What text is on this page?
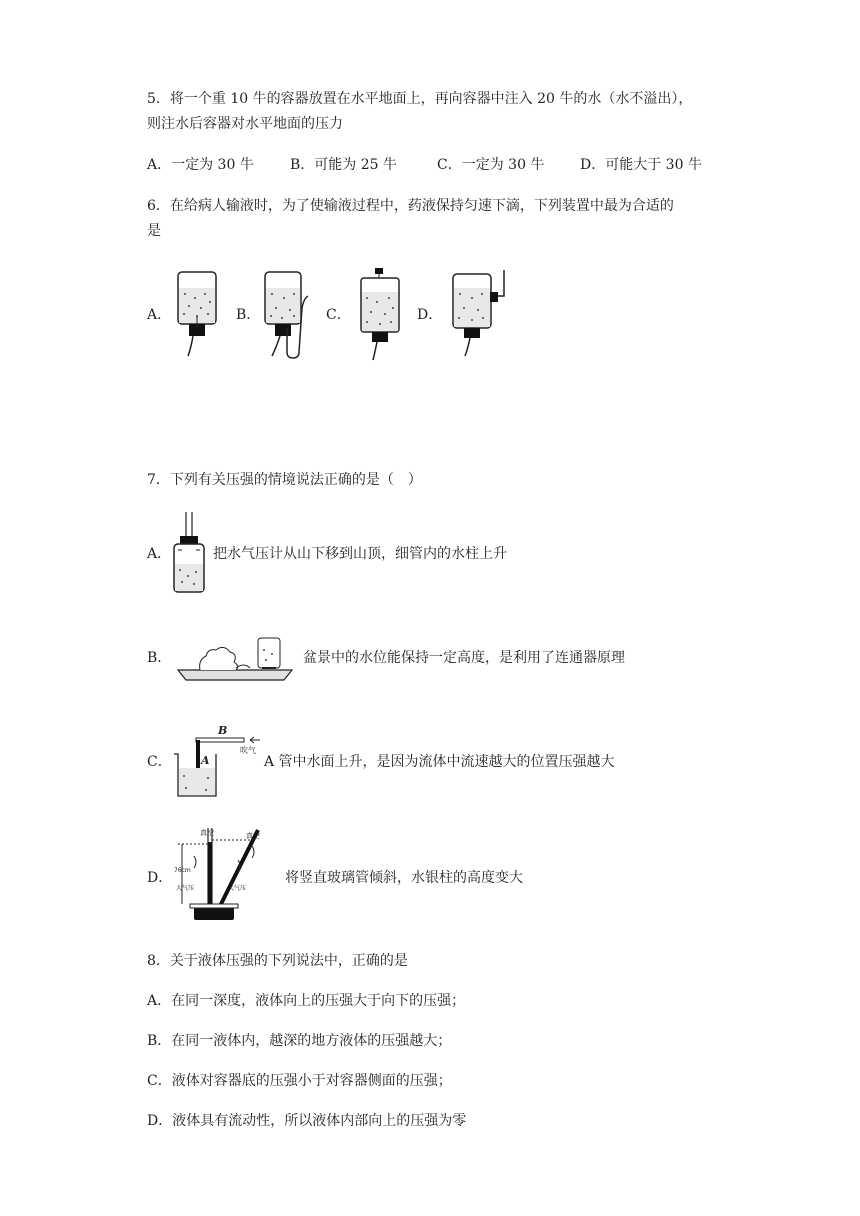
5．将一个重 10 牛的容器放置在水平地面上，再向容器中注入 20 牛的水（水不溢出），
则注水后容器对水平地面的压力
A．一定为 30 牛	B．可能为 25 牛	C．一定为 30 牛	D．可能大于 30 牛
6．在给病人输液时，为了使输液过程中，药液保持匀速下滴，下列装置中最为合适的
是
A．	B．	C．	D．
7．下列有关压强的情境说法正确的是（　）
A．	把水气压计从山下移到山顶，细管内的水柱上升
B．	盆景中的水位能保持一定高度，是利用了连通器原理
C．
B
吹气
A	A 管中水面上升，是因为流体中流速越大的位置压强越大
D．
真空	真空
76cm
大气压	大气压
将竖直玻璃管倾斜，水银柱的高度变大
8．关于液体压强的下列说法中，正确的是
A．在同一深度，液体向上的压强大于向下的压强；
B．在同一液体内，越深的地方液体的压强越大；
C．液体对容器底的压强小于对容器侧面的压强；
D．液体具有流动性，所以液体内部向上的压强为零
